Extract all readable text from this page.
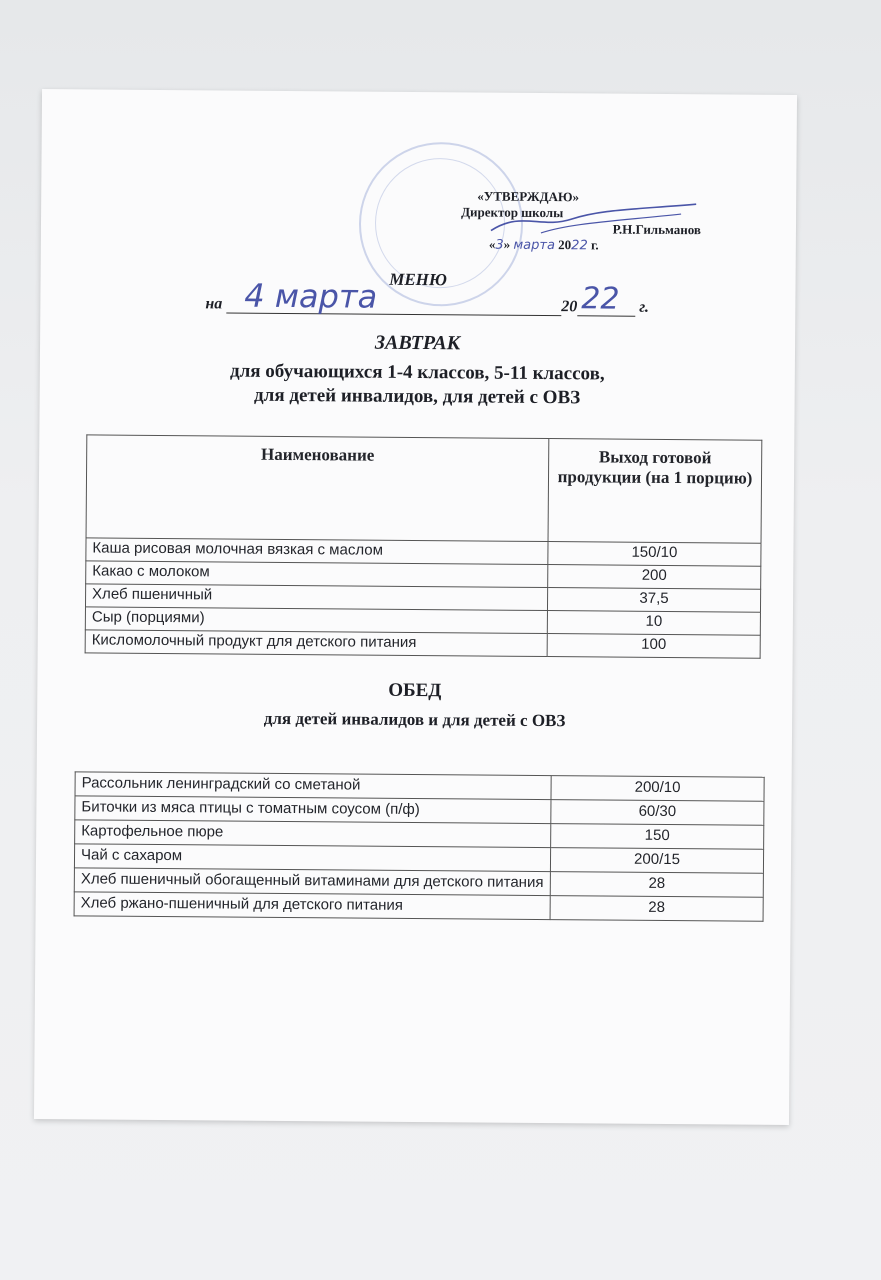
«УТВЕРЖДАЮ»
Директор школы
Р.Н.Гильманов
«3» марта 2022 г.
МЕНЮ
на 4 марта	20 22 г.
ЗАВТРАК
для обучающихся 1-4 классов, 5-11 классов,
для детей инвалидов, для детей с ОВЗ
Наименование	Выход готовой продукции (на 1 порцию)
Каша рисовая молочная вязкая с маслом	150/10
Какао с молоком	200
Хлеб пшеничный	37,5
Сыр (порциями)	10
Кисломолочный продукт для детского питания	100
ОБЕД
для детей инвалидов и для детей с ОВЗ
Рассольник ленинградский со сметаной	200/10
Биточки из мяса птицы с томатным соусом (п/ф)	60/30
Картофельное пюре	150
Чай с сахаром	200/15
Хлеб пшеничный обогащенный витаминами для детского питания	28
Хлеб ржано-пшеничный для детского питания	28
